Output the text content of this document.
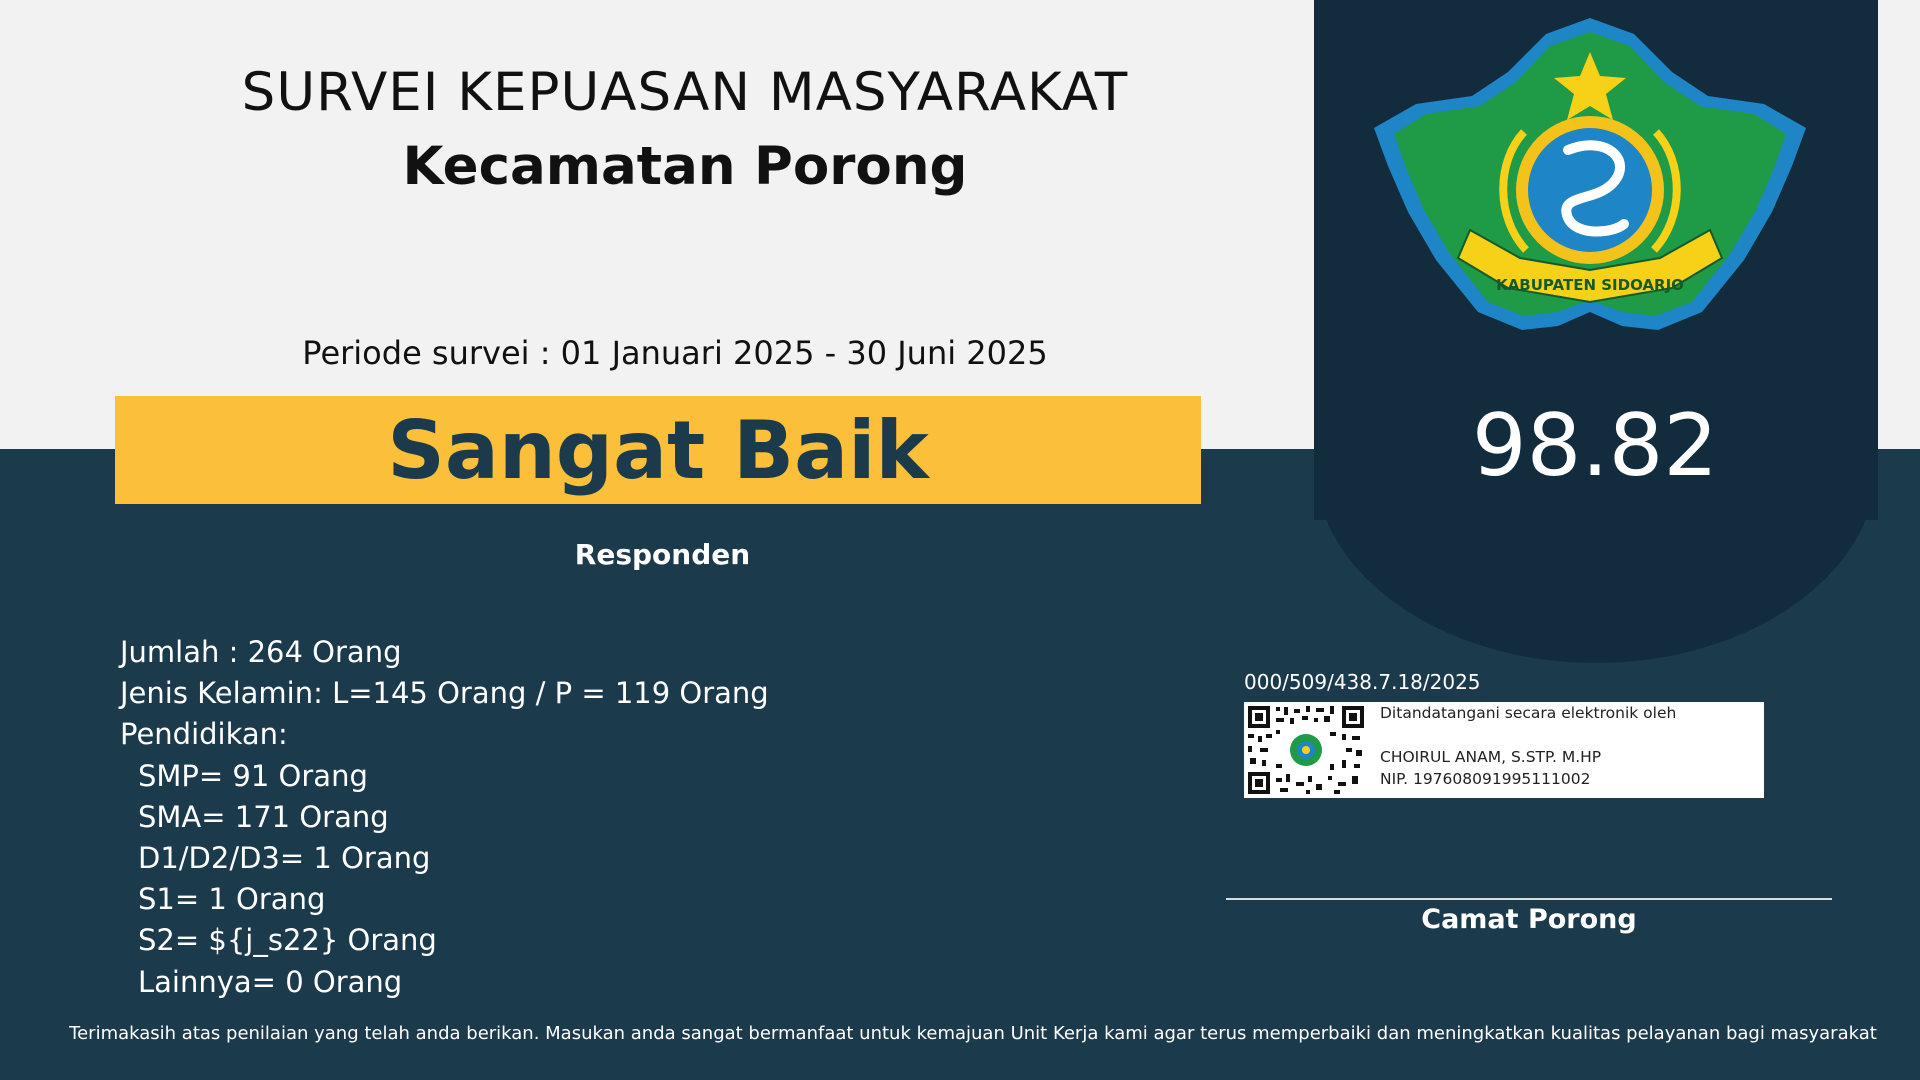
SURVEI KEPUASAN MASYARAKAT
Kecamatan Porong
Periode survei : 01 Januari 2025 - 30 Juni 2025
Sangat Baik
KABUPATEN SIDOARJO
98.82
Responden
Jumlah : 264 Orang
Jenis Kelamin: L=145 Orang / P = 119 Orang
Pendidikan:
SMP= 91 Orang
SMA= 171 Orang
D1/D2/D3= 1 Orang
S1= 1 Orang
S2= ${j_s22} Orang
Lainnya= 0 Orang
000/509/438.7.18/2025
Ditandatangani secara elektronik oleh
CHOIRUL ANAM, S.STP. M.HP
NIP. 197608091995111002
Camat Porong
Terimakasih atas penilaian yang telah anda berikan. Masukan anda sangat bermanfaat untuk kemajuan Unit Kerja kami agar terus memperbaiki dan meningkatkan kualitas pelayanan bagi masyarakat
